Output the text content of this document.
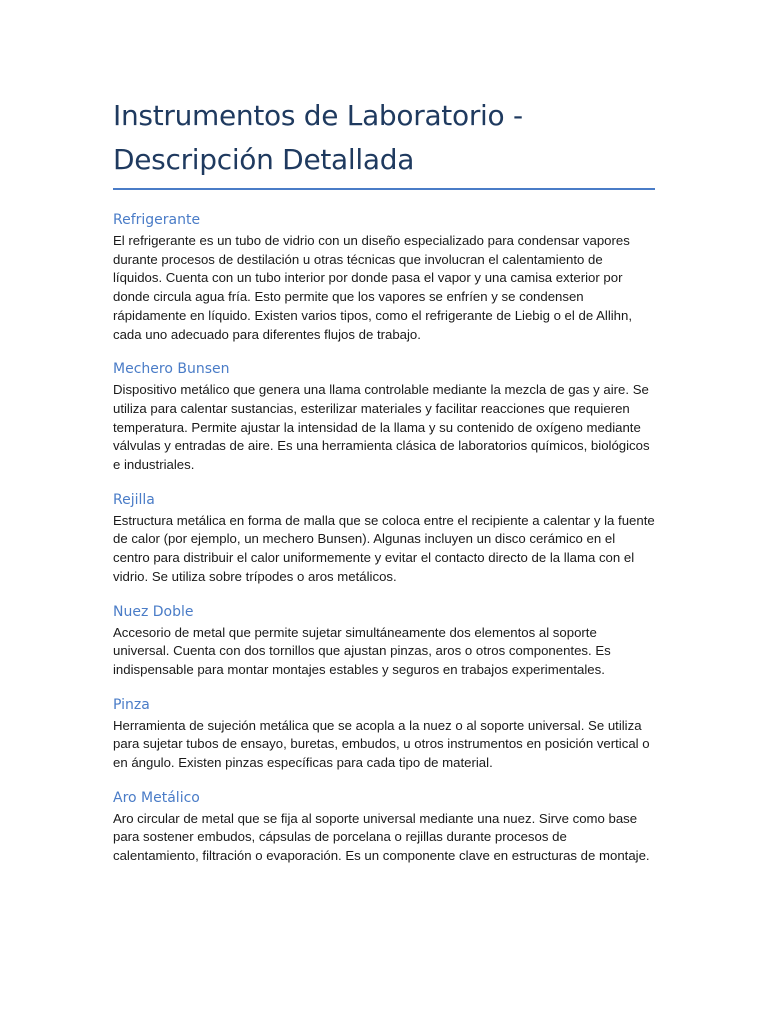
Instrumentos de Laboratorio - Descripción Detallada
Refrigerante

El refrigerante es un tubo de vidrio con un diseño especializado para condensar vapores durante procesos de destilación u otras técnicas que involucran el calentamiento de líquidos. Cuenta con un tubo interior por donde pasa el vapor y una camisa exterior por donde circula agua fría. Esto permite que los vapores se enfríen y se condensen rápidamente en líquido. Existen varios tipos, como el refrigerante de Liebig o el de Allihn, cada uno adecuado para diferentes flujos de trabajo.

Mechero Bunsen

Dispositivo metálico que genera una llama controlable mediante la mezcla de gas y aire. Se utiliza para calentar sustancias, esterilizar materiales y facilitar reacciones que requieren temperatura. Permite ajustar la intensidad de la llama y su contenido de oxígeno mediante válvulas y entradas de aire. Es una herramienta clásica de laboratorios químicos, biológicos e industriales.

Rejilla

Estructura metálica en forma de malla que se coloca entre el recipiente a calentar y la fuente de calor (por ejemplo, un mechero Bunsen). Algunas incluyen un disco cerámico en el centro para distribuir el calor uniformemente y evitar el contacto directo de la llama con el vidrio. Se utiliza sobre trípodes o aros metálicos.

Nuez Doble

Accesorio de metal que permite sujetar simultáneamente dos elementos al soporte universal. Cuenta con dos tornillos que ajustan pinzas, aros o otros componentes. Es indispensable para montar montajes estables y seguros en trabajos experimentales.

Pinza

Herramienta de sujeción metálica que se acopla a la nuez o al soporte universal. Se utiliza para sujetar tubos de ensayo, buretas, embudos, u otros instrumentos en posición vertical o en ángulo. Existen pinzas específicas para cada tipo de material.

Aro Metálico

Aro circular de metal que se fija al soporte universal mediante una nuez. Sirve como base para sostener embudos, cápsulas de porcelana o rejillas durante procesos de calentamiento, filtración o evaporación. Es un componente clave en estructuras de montaje.
